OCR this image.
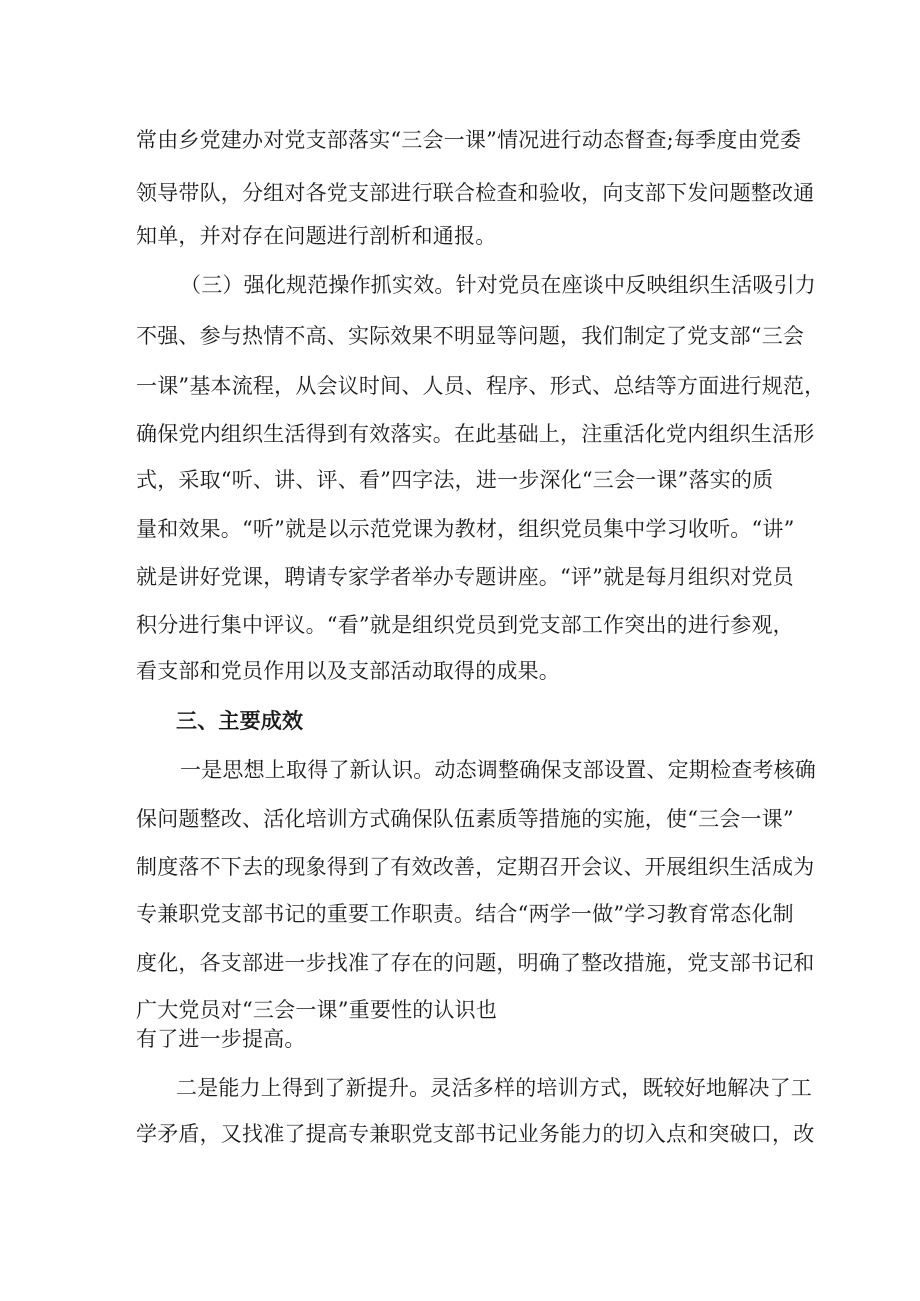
常由乡党建办对党支部落实“三会一课”情况进行动态督查;每季度由党委
领导带队，分组对各党支部进行联合检查和验收，向支部下发问题整改通
知单，并对存在问题进行剖析和通报。
（三）强化规范操作抓实效。针对党员在座谈中反映组织生活吸引力
不强、参与热情不高、实际效果不明显等问题，我们制定了党支部“三会
一课”基本流程，从会议时间、人员、程序、形式、总结等方面进行规范，
确保党内组织生活得到有效落实。在此基础上，注重活化党内组织生活形
式，采取“听、讲、评、看”四字法，进一步深化“三会一课”落实的质
量和效果。“听”就是以示范党课为教材，组织党员集中学习收听。“讲”
就是讲好党课，聘请专家学者举办专题讲座。“评”就是每月组织对党员
积分进行集中评议。“看”就是组织党员到党支部工作突出的进行参观，
看支部和党员作用以及支部活动取得的成果。
三、主要成效
一是思想上取得了新认识。动态调整确保支部设置、定期检查考核确
保问题整改、活化培训方式确保队伍素质等措施的实施，使“三会一课”
制度落不下去的现象得到了有效改善，定期召开会议、开展组织生活成为
专兼职党支部书记的重要工作职责。结合“两学一做”学习教育常态化制
度化，各支部进一步找准了存在的问题，明确了整改措施，党支部书记和
广大党员对“三会一课”重要性的认识也
有了进一步提高。
二是能力上得到了新提升。灵活多样的培训方式，既较好地解决了工
学矛盾，又找准了提高专兼职党支部书记业务能力的切入点和突破口，改
